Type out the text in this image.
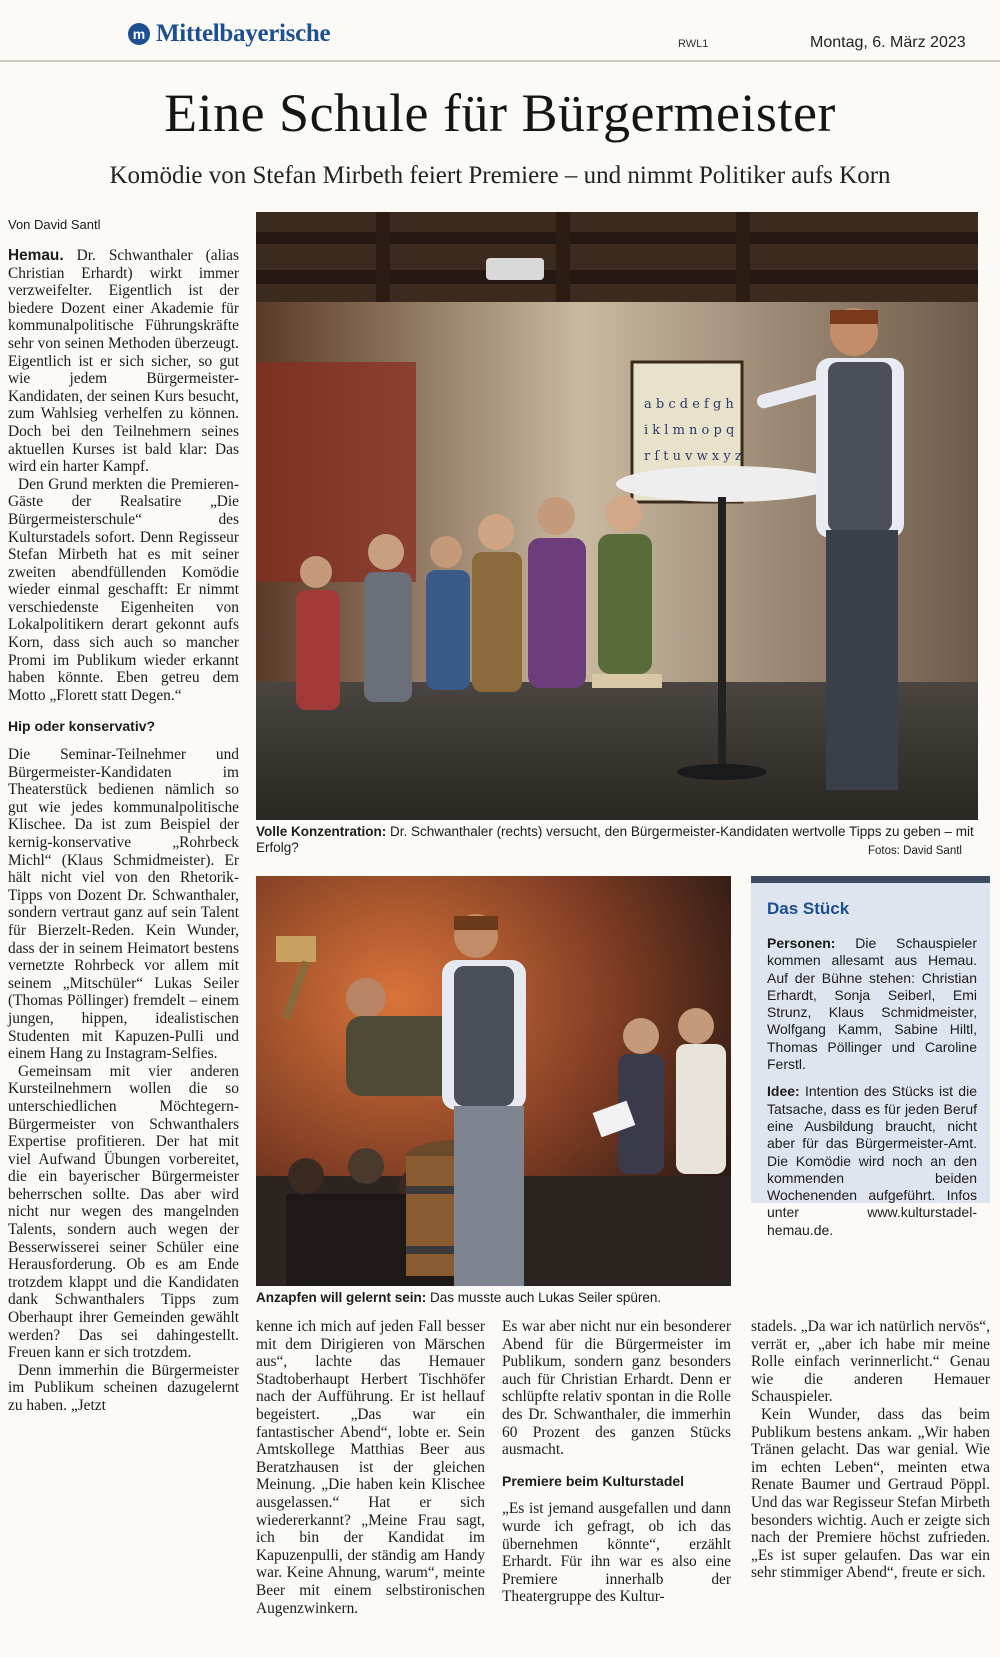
m Mittelbayerische	RWL1	Montag, 6. März 2023
Eine Schule für Bürgermeister
Komödie von Stefan Mirbeth feiert Premiere – und nimmt Politiker aufs Korn
Von David Santl

Hemau. Dr. Schwanthaler (alias Christian Erhardt) wirkt immer verzweifelter. Eigentlich ist der biedere Dozent einer Akademie für kommunalpolitische Führungskräfte sehr von seinen Methoden überzeugt. Eigentlich ist er sich sicher, so gut wie jedem Bürgermeister-Kandidaten, der seinen Kurs besucht, zum Wahlsieg verhelfen zu können. Doch bei den Teilnehmern seines aktuellen Kurses ist bald klar: Das wird ein harter Kampf.

Den Grund merkten die Premieren-Gäste der Realsatire „Die Bürgermeisterschule“ des Kulturstadels sofort. Denn Regisseur Stefan Mirbeth hat es mit seiner zweiten abendfüllenden Komödie wieder einmal geschafft: Er nimmt verschiedenste Eigenheiten von Lokalpolitikern derart gekonnt aufs Korn, dass sich auch so mancher Promi im Publikum wieder erkannt haben könnte. Eben getreu dem Motto „Florett statt Degen.“

Hip oder konservativ?

Die Seminar-Teilnehmer und Bürgermeister-Kandidaten im Theaterstück bedienen nämlich so gut wie jedes kommunalpolitische Klischee. Da ist zum Beispiel der kernig-konservative „Rohrbeck Michl“ (Klaus Schmidmeister). Er hält nicht viel von den Rhetorik-Tipps von Dozent Dr. Schwanthaler, sondern vertraut ganz auf sein Talent für Bierzelt-Reden. Kein Wunder, dass der in seinem Heimatort bestens vernetzte Rohrbeck vor allem mit seinem „Mitschüler“ Lukas Seiler (Thomas Pöllinger) fremdelt – einem jungen, hippen, idealistischen Studenten mit Kapuzen-Pulli und einem Hang zu Instagram-Selfies.

Gemeinsam mit vier anderen Kursteilnehmern wollen die so unterschiedlichen Möchtegern-Bürgermeister von Schwanthalers Expertise profitieren. Der hat mit viel Aufwand Übungen vorbereitet, die ein bayerischer Bürgermeister beherrschen sollte. Das aber wird nicht nur wegen des mangelnden Talents, sondern auch wegen der Besserwisserei seiner Schüler eine Herausforderung. Ob es am Ende trotzdem klappt und die Kandidaten dank Schwanthalers Tipps zum Oberhaupt ihrer Gemeinden gewählt werden? Das sei dahingestellt. Freuen kann er sich trotzdem.

Denn immerhin die Bürgermeister im Publikum scheinen dazugelernt zu haben. „Jetzt

a b c d e f g h
i k l m n o p q
r ſ t u v w x y z
Volle Konzentration: Dr. Schwanthaler (rechts) versucht, den Bürgermeister-Kandidaten wertvolle Tipps zu geben – mit Erfolg?	Fotos: David Santl
Anzapfen will gelernt sein: Das musste auch Lukas Seiler spüren.
Das Stück

Personen: Die Schauspieler kommen allesamt aus Hemau. Auf der Bühne stehen: Christian Erhardt, Sonja Seiberl, Emi Strunz, Klaus Schmidmeister, Wolfgang Kamm, Sabine Hiltl, Thomas Pöllinger und Caroline Ferstl.

Idee: Intention des Stücks ist die Tatsache, dass es für jeden Beruf eine Ausbildung braucht, nicht aber für das Bürgermeister-Amt. Die Komödie wird noch an den kommenden beiden Wochenenden aufgeführt. Infos unter www.kulturstadel-hemau.de.

kenne ich mich auf jeden Fall besser mit dem Dirigieren von Märschen aus“, lachte das Hemauer Stadtoberhaupt Herbert Tischhöfer nach der Aufführung. Er ist hellauf begeistert. „Das war ein fantastischer Abend“, lobte er. Sein Amtskollege Matthias Beer aus Beratzhausen ist der gleichen Meinung. „Die haben kein Klischee ausgelassen.“ Hat er sich wiedererkannt? „Meine Frau sagt, ich bin der Kandidat im Kapuzenpulli, der ständig am Handy war. Keine Ahnung, warum“, meinte Beer mit einem selbstironischen Augenzwinkern.

Es war aber nicht nur ein besonderer Abend für die Bürgermeister im Publikum, sondern ganz besonders auch für Christian Erhardt. Denn er schlüpfte relativ spontan in die Rolle des Dr. Schwanthaler, die immerhin 60 Prozent des ganzen Stücks ausmacht.

Premiere beim Kulturstadel

„Es ist jemand ausgefallen und dann wurde ich gefragt, ob ich das übernehmen könnte“, erzählt Erhardt. Für ihn war es also eine Premiere innerhalb der Theatergruppe des Kultur-

stadels. „Da war ich natürlich nervös“, verrät er, „aber ich habe mir meine Rolle einfach verinnerlicht.“ Genau wie die anderen Hemauer Schauspieler.

Kein Wunder, dass das beim Publikum bestens ankam. „Wir haben Tränen gelacht. Das war genial. Wie im echten Leben“, meinten etwa Renate Baumer und Gertraud Pöppl. Und das war Regisseur Stefan Mirbeth besonders wichtig. Auch er zeigte sich nach der Premiere höchst zufrieden. „Es ist super gelaufen. Das war ein sehr stimmiger Abend“, freute er sich.
